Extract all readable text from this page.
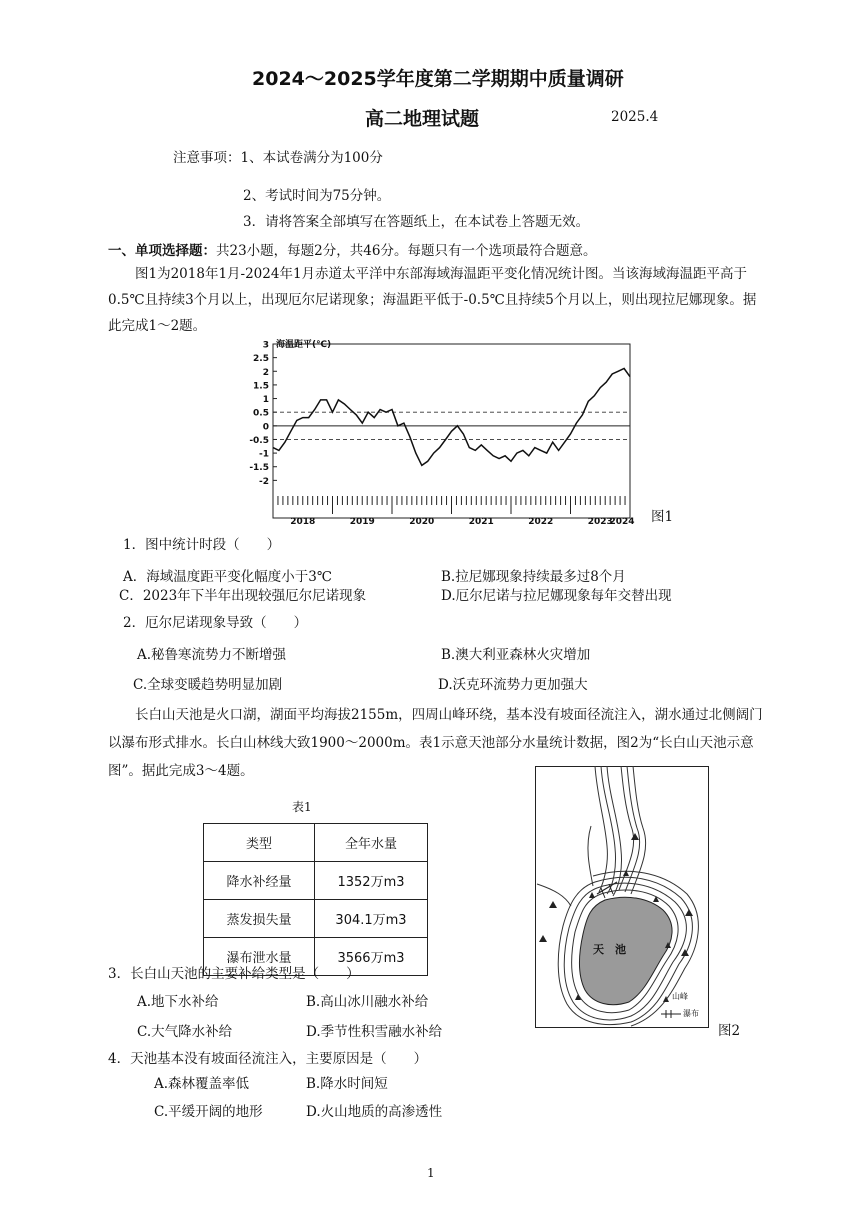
2024～2025学年度第二学期期中质量调研
高二地理试题	2025.4
注意事项：1、本试卷满分为100分
2、考试时间为75分钟。
3．请将答案全部填写在答题纸上，在本试卷上答题无效。
一、单项选择题：共23小题，每题2分，共46分。每题只有一个选项最符合题意。
图1为2018年1月-2024年1月赤道太平洋中东部海域海温距平变化情况统计图。当该海域海温距平高于
0.5℃且持续3个月以上，出现厄尔尼诺现象；海温距平低于-0.5℃且持续5个月以上，则出现拉尼娜现象。据
此完成1～2题。
3
2.5
2
1.5
1
0.5
0
-0.5
-1
-1.5
-2
海温距平(℃)
2018	2019	2020	2021	2022	2023
2024 图1
1．图中统计时段（　　）
A．海域温度距平变化幅度小于3℃	B.拉尼娜现象持续最多过8个月
C．2023年下半年出现较强厄尔尼诺现象	D.厄尔尼诺与拉尼娜现象每年交替出现
2．厄尔尼诺现象导致（　　）
A.秘鲁寒流势力不断增强	B.澳大利亚森林火灾增加
C.全球变暖趋势明显加剧	D.沃克环流势力更加强大
长白山天池是火口湖，湖面平均海拔2155m，四周山峰环绕，基本没有坡面径流注入，湖水通过北侧阔门
以瀑布形式排水。长白山林线大致1900～2000m。表1示意天池部分水量统计数据，图2为“长白山天池示意
图”。据此完成3～4题。
表1
类型	全年水量
降水补经量	1352万m3
蒸发损失量	304.1万m3
瀑布泄水量	3566万m3
天　池
山峰
瀑布
图2
3．长白山天池的主要补给类型是（　　）
A.地下水补给	B.高山冰川融水补给
C.大气降水补给	D.季节性积雪融水补给
4．天池基本没有坡面径流注入，主要原因是（　　）
A.森林覆盖率低	B.降水时间短
C.平缓开阔的地形	D.火山地质的高渗透性
1
